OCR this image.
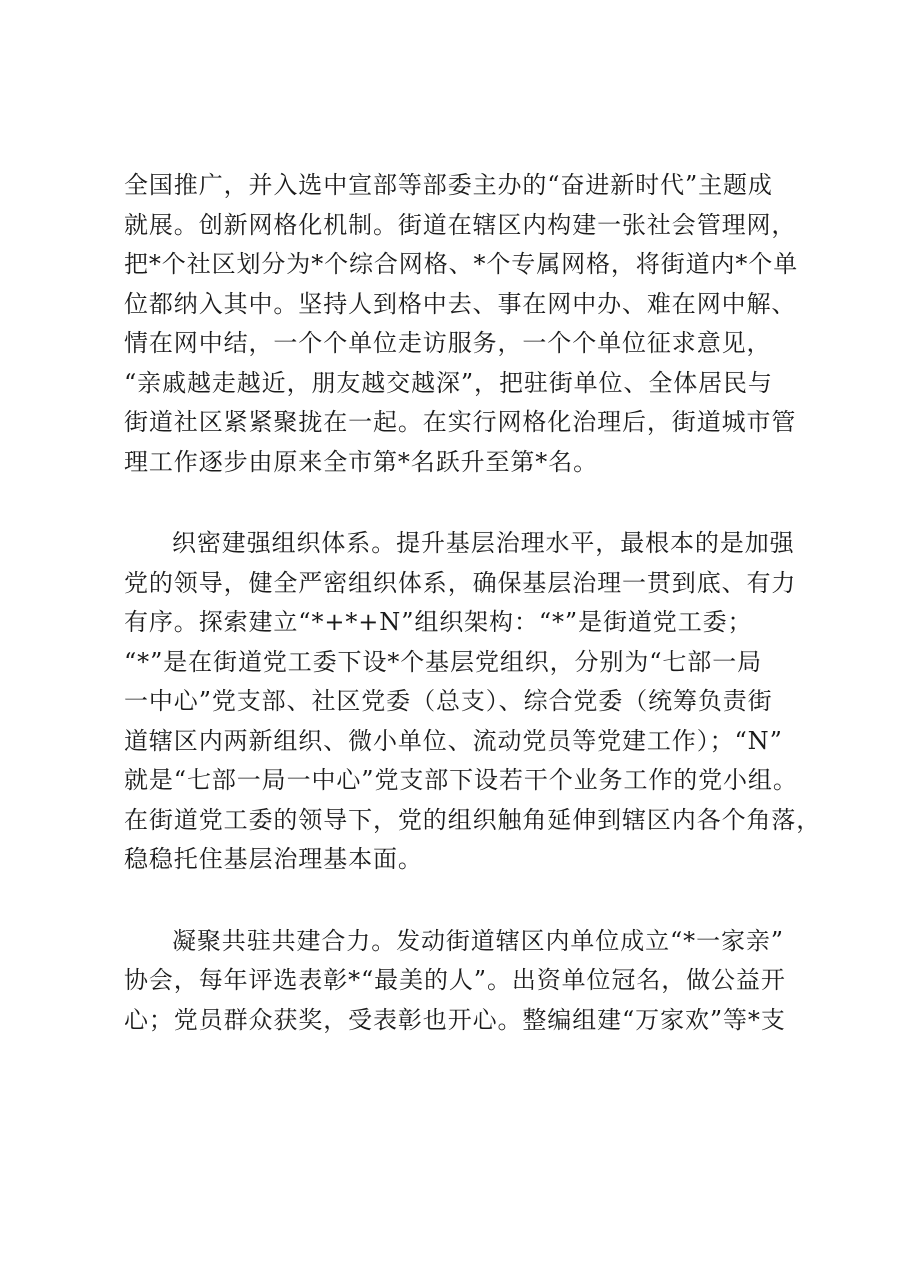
全国推广，并入选中宣部等部委主办的“奋进新时代”主题成
就展。创新网格化机制。街道在辖区内构建一张社会管理网，
把*个社区划分为*个综合网格、*个专属网格，将街道内*个单
位都纳入其中。坚持人到格中去、事在网中办、难在网中解、
情在网中结，一个个单位走访服务，一个个单位征求意见，
“亲戚越走越近，朋友越交越深”，把驻街单位、全体居民与
街道社区紧紧聚拢在一起。在实行网格化治理后，街道城市管
理工作逐步由原来全市第*名跃升至第*名。
织密建强组织体系。提升基层治理水平，最根本的是加强
党的领导，健全严密组织体系，确保基层治理一贯到底、有力
有序。探索建立“*+*+N”组织架构：“*”是街道党工委；
“*”是在街道党工委下设*个基层党组织，分别为“七部一局
一中心”党支部、社区党委（总支）、综合党委（统筹负责街
道辖区内两新组织、微小单位、流动党员等党建工作）；“N”
就是“七部一局一中心”党支部下设若干个业务工作的党小组。
在街道党工委的领导下，党的组织触角延伸到辖区内各个角落，
稳稳托住基层治理基本面。
凝聚共驻共建合力。发动街道辖区内单位成立“*一家亲”
协会，每年评选表彰*“最美的人”。出资单位冠名，做公益开
心；党员群众获奖，受表彰也开心。整编组建“万家欢”等*支
